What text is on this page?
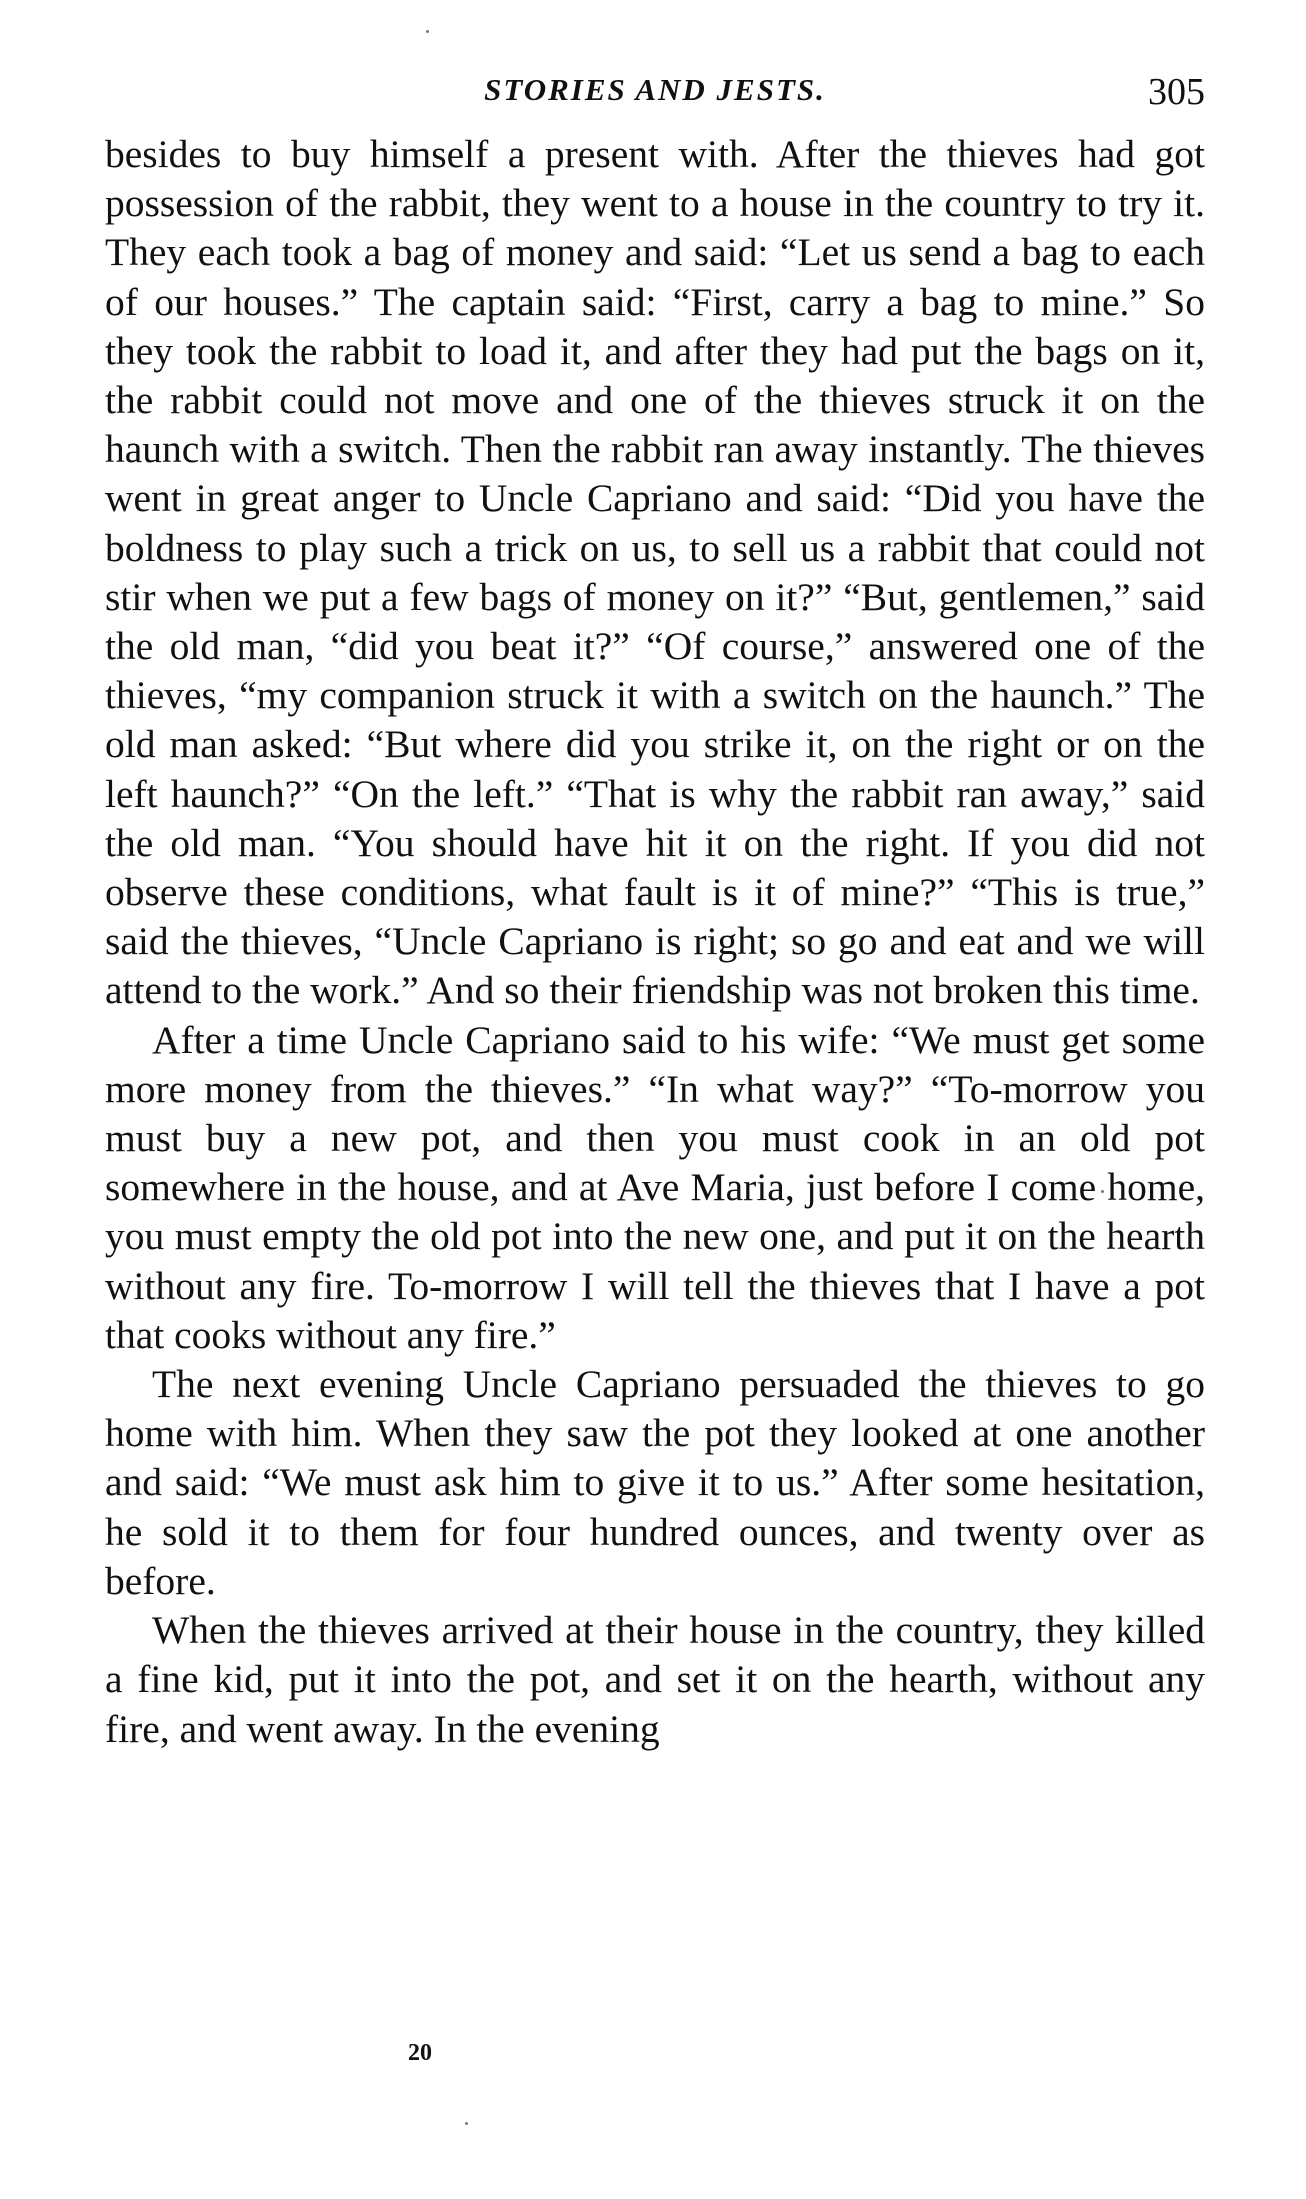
STORIES AND JESTS.	305

besides to buy himself a present with. After the thieves had got possession of the rabbit, they went to a house in the country to try it. They each took a bag of money and said: “Let us send a bag to each of our houses.” The captain said: “First, carry a bag to mine.” So they took the rabbit to load it, and after they had put the bags on it, the rabbit could not move and one of the thieves struck it on the haunch with a switch. Then the rabbit ran away instantly. The thieves went in great anger to Uncle Capriano and said: “Did you have the boldness to play such a trick on us, to sell us a rabbit that could not stir when we put a few bags of money on it?” “But, gentlemen,” said the old man, “did you beat it?” “Of course,” answered one of the thieves, “my companion struck it with a switch on the haunch.” The old man asked: “But where did you strike it, on the right or on the left haunch?” “On the left.” “That is why the rabbit ran away,” said the old man. “You should have hit it on the right. If you did not observe these conditions, what fault is it of mine?” “This is true,” said the thieves, “Uncle Capriano is right; so go and eat and we will attend to the work.” And so their friendship was not broken this time.

After a time Uncle Capriano said to his wife: “We must get some more money from the thieves.” “In what way?” “To-morrow you must buy a new pot, and then you must cook in an old pot somewhere in the house, and at Ave Maria, just before I come home, you must empty the old pot into the new one, and put it on the hearth without any fire. To-morrow I will tell the thieves that I have a pot that cooks without any fire.”

The next evening Uncle Capriano persuaded the thieves to go home with him. When they saw the pot they looked at one another and said: “We must ask him to give it to us.” After some hesitation, he sold it to them for four hundred ounces, and twenty over as before.

When the thieves arrived at their house in the country, they killed a fine kid, put it into the pot, and set it on the hearth, without any fire, and went away. In the evening

20
